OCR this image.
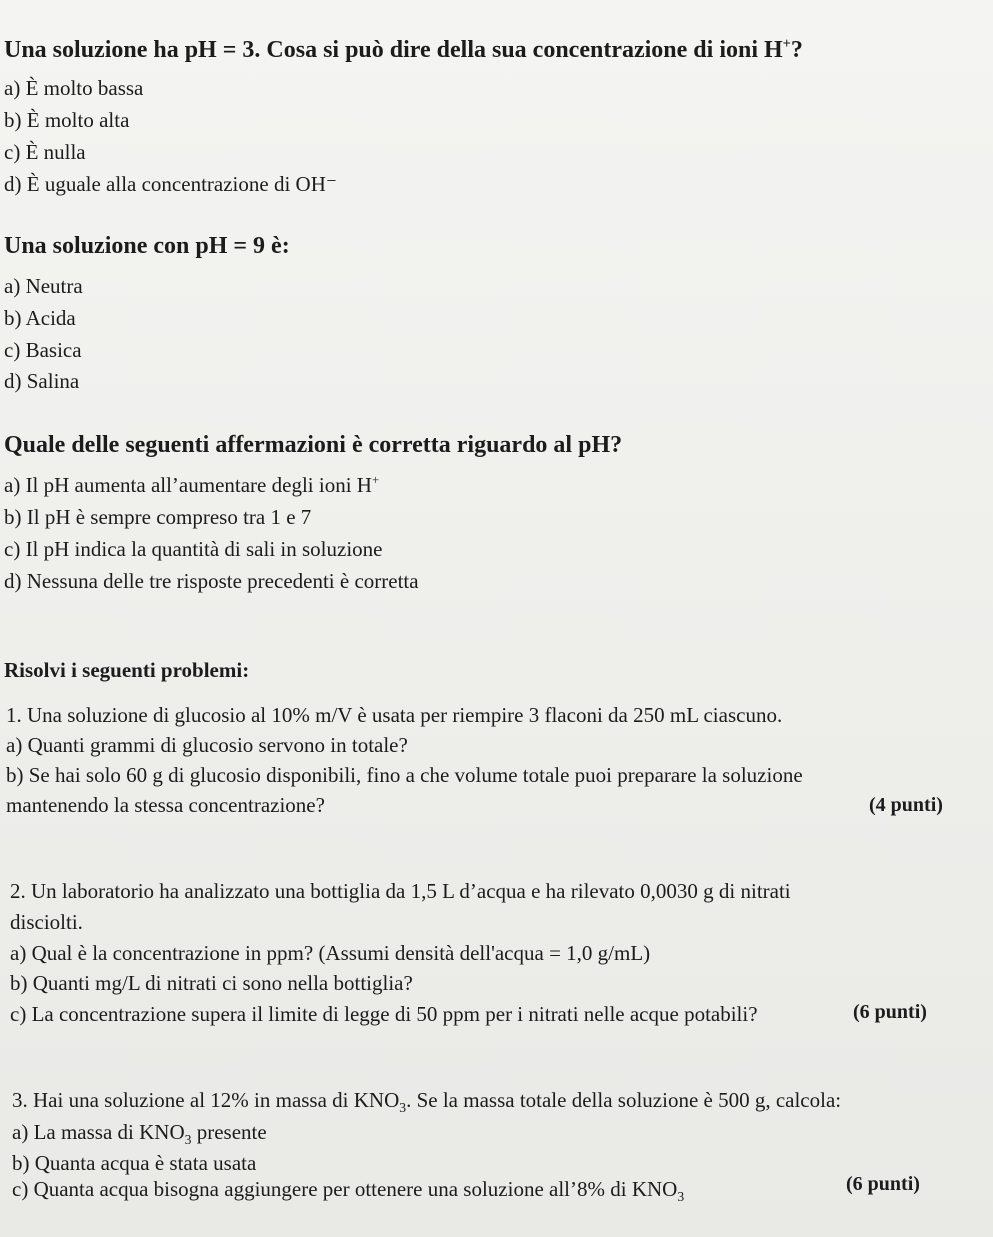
Una soluzione ha pH = 3. Cosa si può dire della sua concentrazione di ioni H+?
a) È molto bassa
b) È molto alta
c) È nulla
d) È uguale alla concentrazione di OH⁻
Una soluzione con pH = 9 è:
a) Neutra
b) Acida
c) Basica
d) Salina
Quale delle seguenti affermazioni è corretta riguardo al pH?
a) Il pH aumenta all’aumentare degli ioni H+
b) Il pH è sempre compreso tra 1 e 7
c) Il pH indica la quantità di sali in soluzione
d) Nessuna delle tre risposte precedenti è corretta
Risolvi i seguenti problemi:
1. Una soluzione di glucosio al 10% m/V è usata per riempire 3 flaconi da 250 mL ciascuno.
a) Quanti grammi di glucosio servono in totale?
b) Se hai solo 60 g di glucosio disponibili, fino a che volume totale puoi preparare la soluzione
mantenendo la stessa concentrazione?	(4 punti)
2. Un laboratorio ha analizzato una bottiglia da 1,5 L d’acqua e ha rilevato 0,0030 g di nitrati
disciolti.
a) Qual è la concentrazione in ppm? (Assumi densità dell'acqua = 1,0 g/mL)
b) Quanti mg/L di nitrati ci sono nella bottiglia?
c) La concentrazione supera il limite di legge di 50 ppm per i nitrati nelle acque potabili?	(6 punti)
3. Hai una soluzione al 12% in massa di $KNO_3$. Se la massa totale della soluzione è 500 g, calcola:
a) La massa di $KNO_3$ presente
b) Quanta acqua è stata usata
c) Quanta acqua bisogna aggiungere per ottenere una soluzione all’8% di $KNO_3$
(6 punti)
